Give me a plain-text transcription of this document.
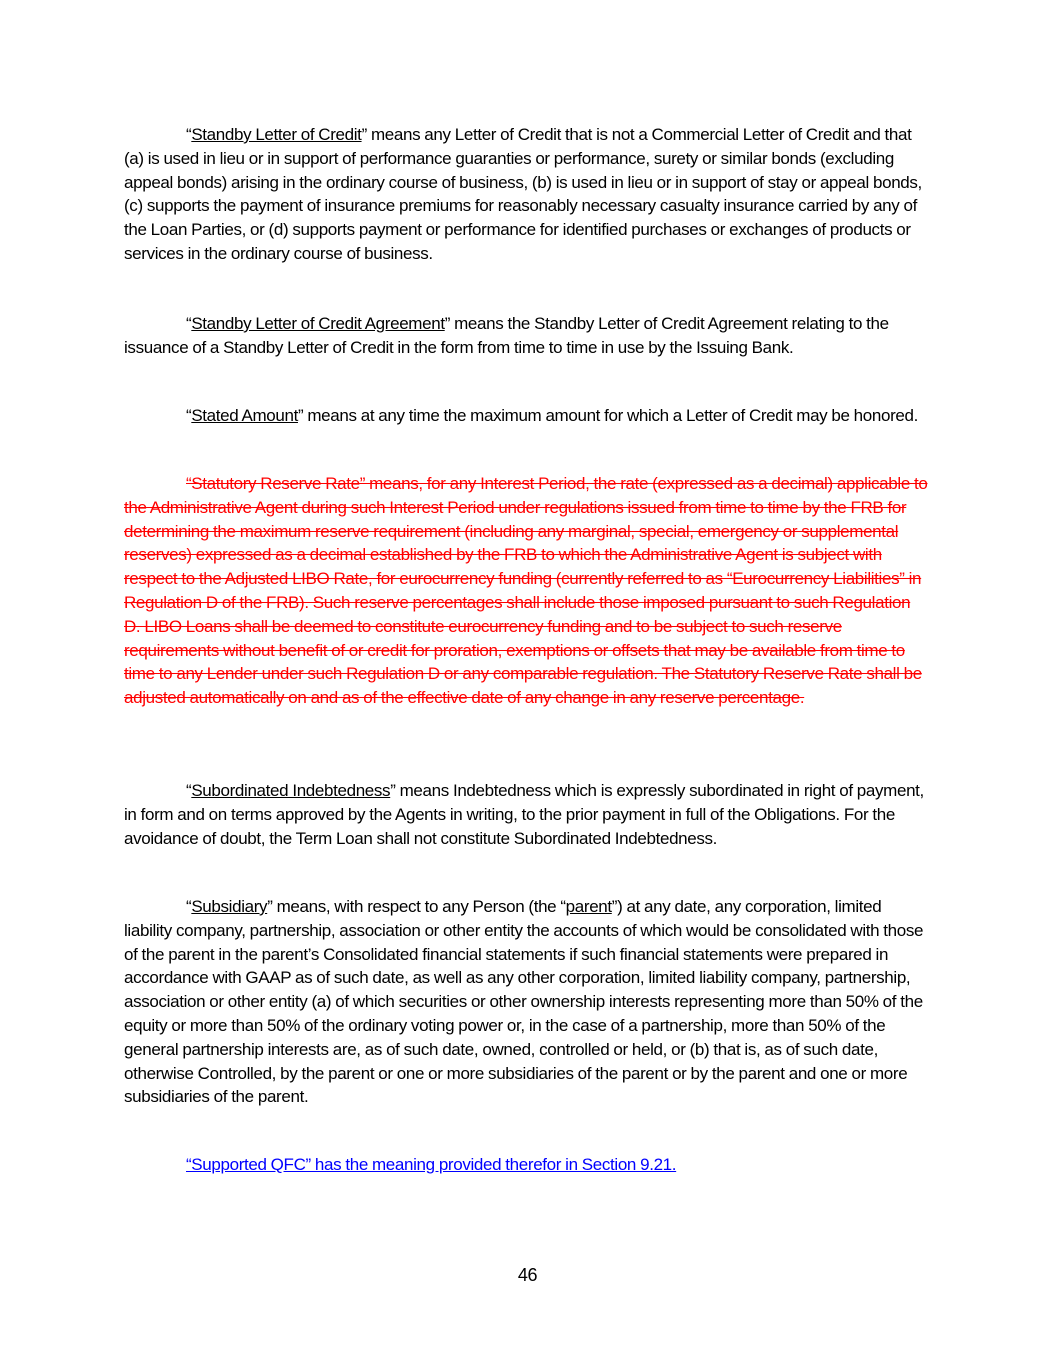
“Standby Letter of Credit” means any Letter of Credit that is not a Commercial Letter of Credit and that (a) is used in lieu or in support of performance guaranties or performance, surety or similar bonds (excluding appeal bonds) arising in the ordinary course of business, (b) is used in lieu or in support of stay or appeal bonds, (c) supports the payment of insurance premiums for reasonably necessary casualty insurance carried by any of the Loan Parties, or (d) supports payment or performance for identified purchases or exchanges of products or services in the ordinary course of business.

“Standby Letter of Credit Agreement” means the Standby Letter of Credit Agreement relating to the issuance of a Standby Letter of Credit in the form from time to time in use by the Issuing Bank.

“Stated Amount” means at any time the maximum amount for which a Letter of Credit may be honored.

“Statutory Reserve Rate” means, for any Interest Period, the rate (expressed as a decimal) applicable to the Administrative Agent during such Interest Period under regulations issued from time to time by the FRB for determining the maximum reserve requirement (including any marginal, special, emergency or supplemental reserves) expressed as a decimal established by the FRB to which the Administrative Agent is subject with respect to the Adjusted LIBO Rate, for eurocurrency funding (currently referred to as “Eurocurrency Liabilities” in Regulation D of the FRB). Such reserve percentages shall include those imposed pursuant to such Regulation D. LIBO Loans shall be deemed to constitute eurocurrency funding and to be subject to such reserve requirements without benefit of or credit for proration, exemptions or offsets that may be available from time to time to any Lender under such Regulation D or any comparable regulation. The Statutory Reserve Rate shall be adjusted automatically on and as of the effective date of any change in any reserve percentage.

“Subordinated Indebtedness” means Indebtedness which is expressly subordinated in right of payment, in form and on terms approved by the Agents in writing, to the prior payment in full of the Obligations. For the avoidance of doubt, the Term Loan shall not constitute Subordinated Indebtedness.

“Subsidiary” means, with respect to any Person (the “parent”) at any date, any corporation, limited liability company, partnership, association or other entity the accounts of which would be consolidated with those of the parent in the parent’s Consolidated financial statements if such financial statements were prepared in accordance with GAAP as of such date, as well as any other corporation, limited liability company, partnership, association or other entity (a) of which securities or other ownership interests representing more than 50% of the equity or more than 50% of the ordinary voting power or, in the case of a partnership, more than 50% of the general partnership interests are, as of such date, owned, controlled or held, or (b) that is, as of such date, otherwise Controlled, by the parent or one or more subsidiaries of the parent or by the parent and one or more subsidiaries of the parent.

“Supported QFC” has the meaning provided therefor in Section 9.21.

46
